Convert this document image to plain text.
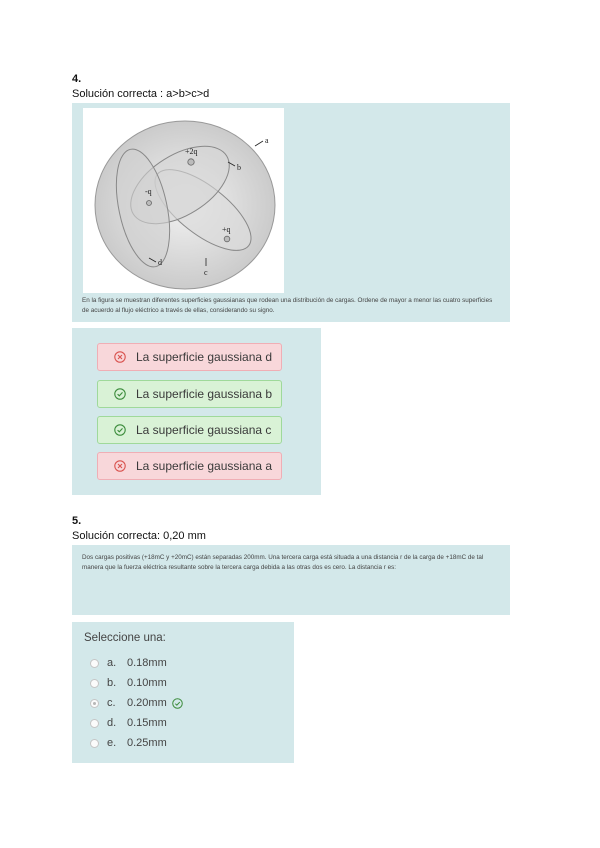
4.
Solución correcta : a>b>c>d
+2q
-q
+q
a
b
c
d
En la figura se muestran diferentes superficies gaussianas que rodean una distribución de cargas. Ordene de mayor a menor las cuatro superficies de acuerdo al flujo eléctrico a través de ellas, considerando su signo.
La superficie gaussiana d
La superficie gaussiana b
La superficie gaussiana c
La superficie gaussiana a
5.
Solución correcta: 0,20 mm
Dos cargas positivas (+18mC y +20mC) están separadas 200mm. Una tercera carga está situada a una distancia r de la carga de +18mC de tal manera que la fuerza eléctrica resultante sobre la tercera carga debida a las otras dos es cero. La distancia r es:
Seleccione una:
a. 0.18mm
b. 0.10mm
c.	0.20mm
d. 0.15mm
e. 0.25mm
